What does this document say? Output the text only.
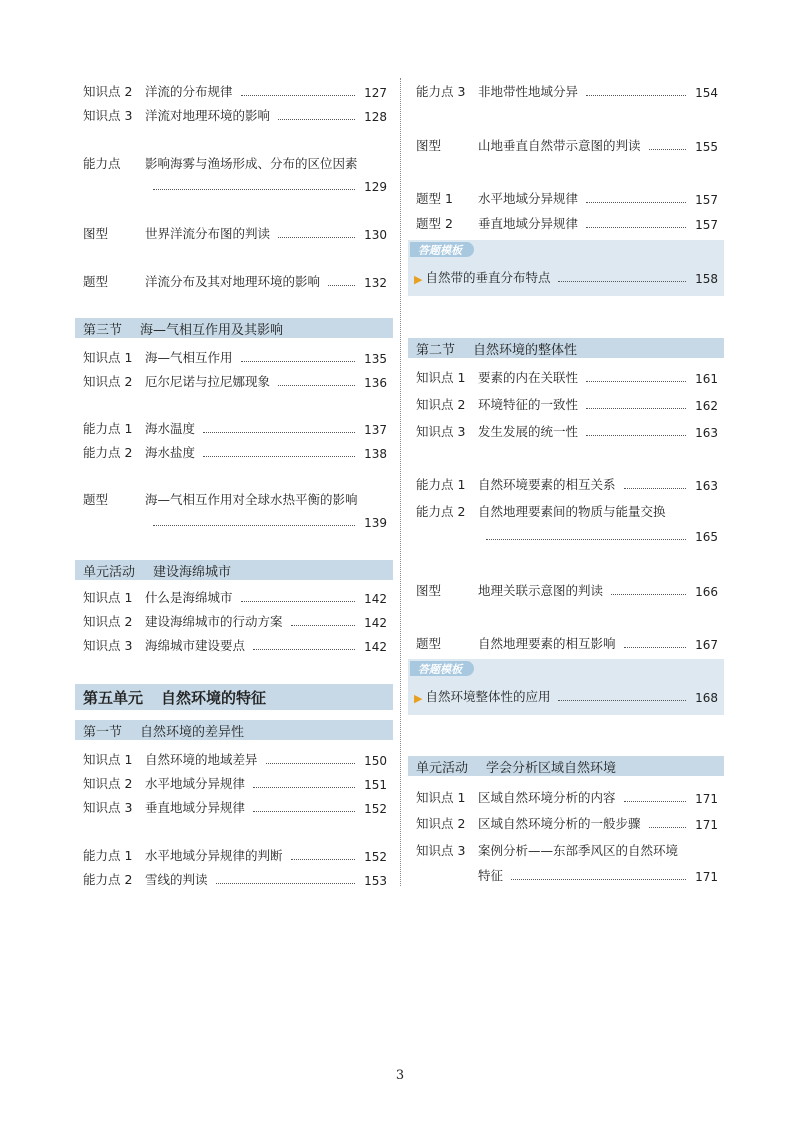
知识点 2	洋流的分布规律	127
知识点 3	洋流对地理环境的影响	128
能力点	影响海雾与渔场形成、分布的区位因素
129
图型	世界洋流分布图的判读	130
题型	洋流分布及其对地理环境的影响	132
第三节 海—气相互作用及其影响
知识点 1	海—气相互作用	135
知识点 2	厄尔尼诺与拉尼娜现象	136
能力点 1	海水温度	137
能力点 2	海水盐度	138
题型	海—气相互作用对全球水热平衡的影响
139
单元活动 建设海绵城市
知识点 1	什么是海绵城市	142
知识点 2	建设海绵城市的行动方案	142
知识点 3	海绵城市建设要点	142
第五单元 自然环境的特征
第一节 自然环境的差异性
知识点 1	自然环境的地域差异	150
知识点 2	水平地域分异规律	151
知识点 3	垂直地域分异规律	152
能力点 1	水平地域分异规律的判断	152
能力点 2	雪线的判读	153
能力点 3	非地带性地域分异	154
图型	山地垂直自然带示意图的判读	155
题型 1	水平地域分异规律	157
题型 2	垂直地域分异规律	157
答题模板
▶ 自然带的垂直分布特点	158
第二节 自然环境的整体性
知识点 1	要素的内在关联性	161
知识点 2	环境特征的一致性	162
知识点 3	发生发展的统一性	163
能力点 1	自然环境要素的相互关系	163
能力点 2	自然地理要素间的物质与能量交换
165
图型	地理关联示意图的判读	166
题型	自然地理要素的相互影响	167
答题模板
▶ 自然环境整体性的应用	168
单元活动 学会分析区域自然环境
知识点 1	区域自然环境分析的内容	171
知识点 2	区域自然环境分析的一般步骤	171
知识点 3	案例分析——东部季风区的自然环境
特征	171
3
